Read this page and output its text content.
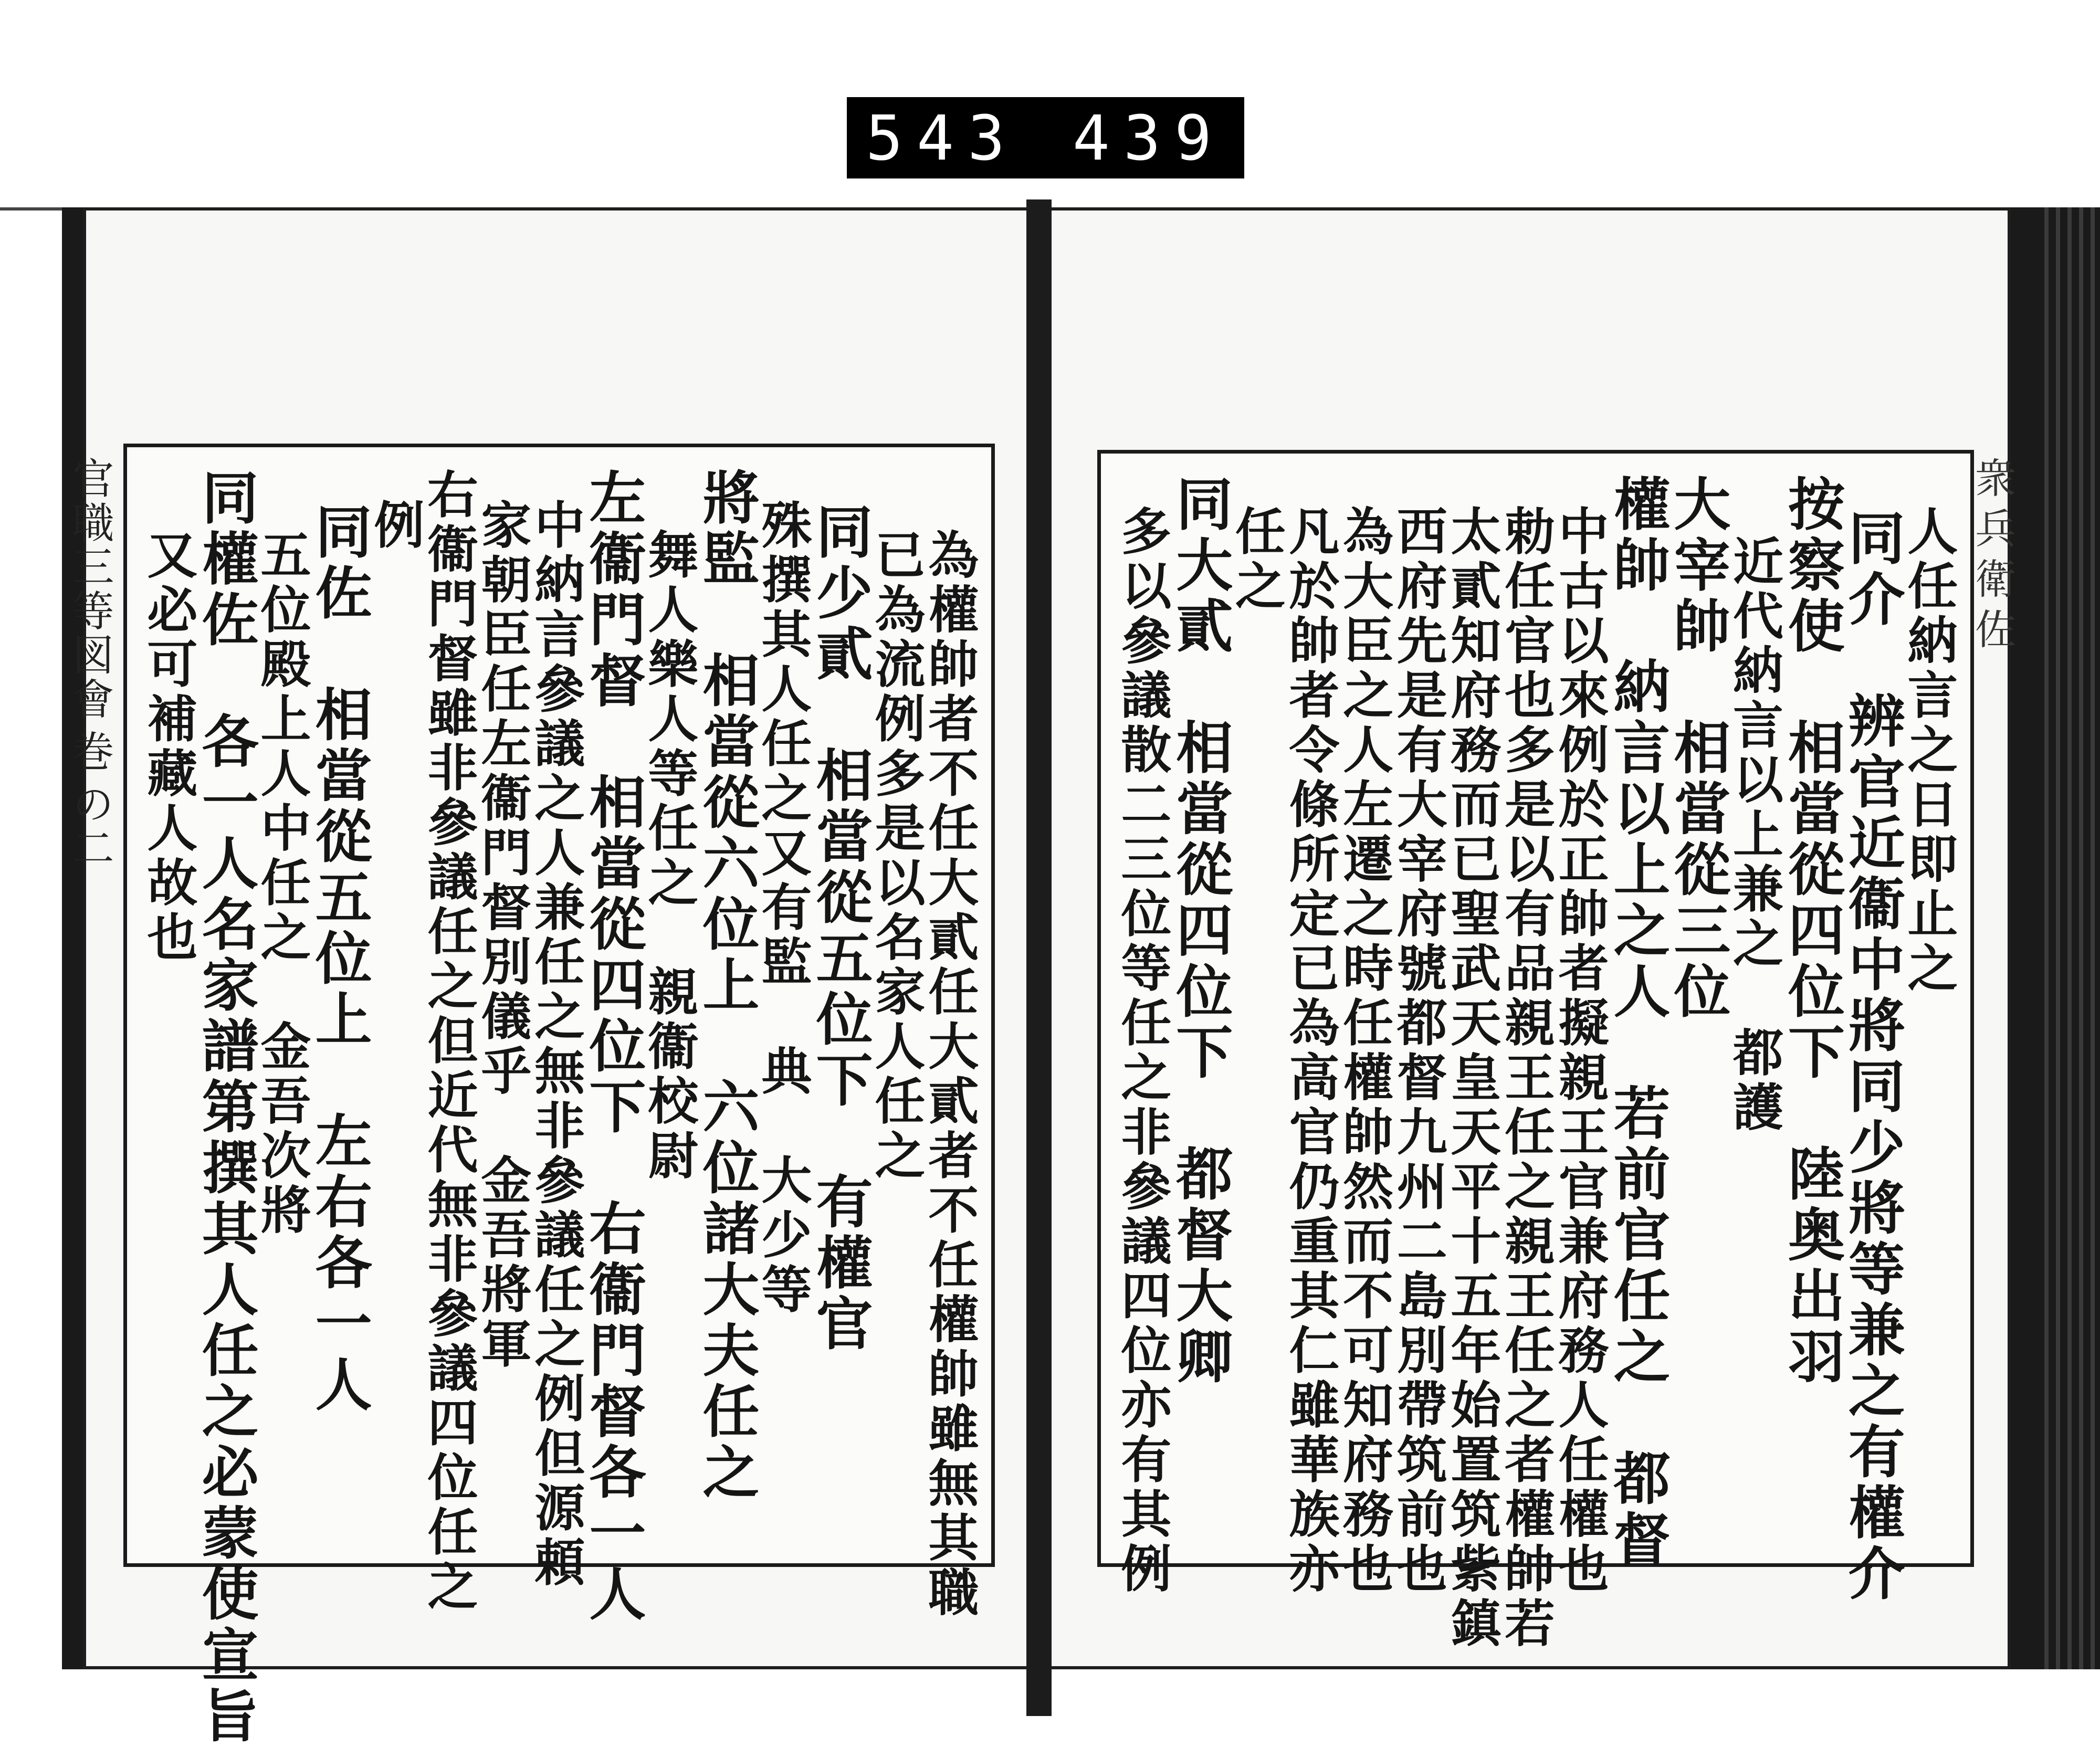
543 439
官職三等図會
巻
の二	為權帥者不任大貳任大貳者不任權帥雖無其職
已為流例多是以名家人任之
同少貳　相當從五位下　有權官
殊撰其人任之又有監　典　大少等
將監　相當從六位上　六位諸大夫任之
舞人樂人等任之　親衞校尉
左衞門督　相當從四位下　右衞門督各一人
中納言參議之人兼任之無非參議任之例但源頼
家朝臣任左衞門督別儀乎　金吾將軍
右衞門督雖非參議任之但近代無非參議四位任之
例
同佐　相當從五位上　左右各一人
五位殿上人中任之　金吾次將
同權佐　各一人名家譜第撰其人任之必蒙使宣旨
又必可補藏人故也	人任納言之日即止之
同介　辨官近衞中將同少將等兼之有權介
按察使　相當從四位下　陸奥出羽
近代納言以上兼之　都護
大宰帥　相當從三位
權帥　納言以上之人　若前官任之　都督
中古以來例於正帥者擬親王官兼府務人任權也
勅任官也多是以有品親王任之親王任之者權帥若
太貳知府務而已聖武天皇天平十五年始置筑紫鎮
西府先是有大宰府號都督九州二島別帶筑前也
為大臣之人左遷之時任權帥然而不可知府務也
凡於帥者令條所定已為高官仍重其仁雖華族亦
任之
同大貳　相當從四位下　都督大卿
多以參議散二三位等任之非參議四位亦有其例	衆兵衛佐
